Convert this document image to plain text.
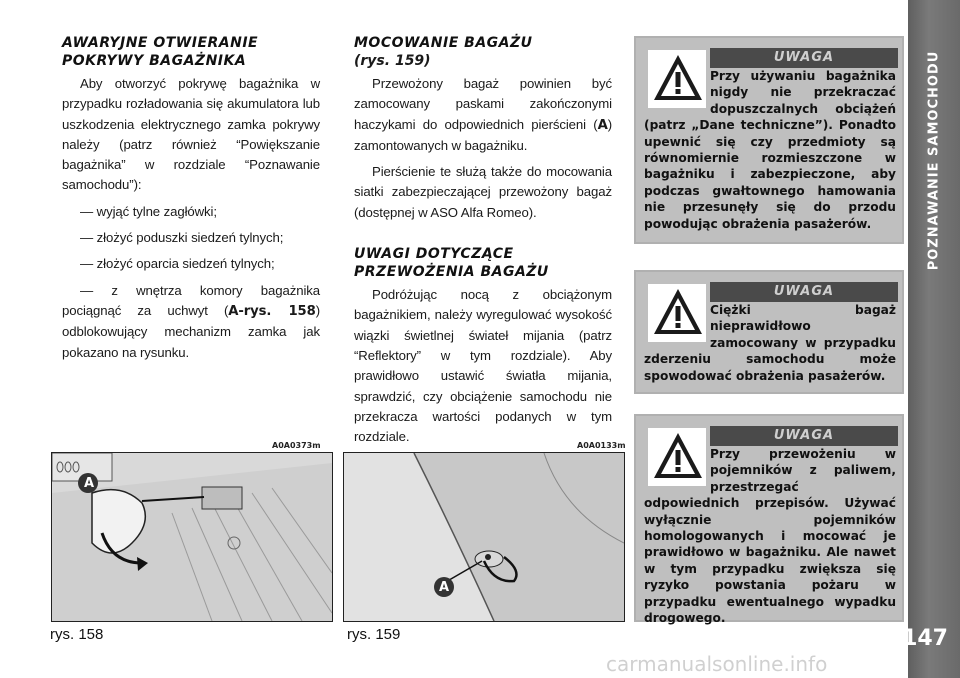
AWARYJNE OTWIERANIE
POKRYWY BAGAŻNIKA

Aby otworzyć pokrywę bagażnika w przypadku rozładowania się akumulatora lub uszkodzenia elektrycznego zamka pokrywy należy (patrz również “Powiększanie bagażnika” w rozdziale “Poznawanie samochodu”):

— wyjąć tylne zagłówki;

— złożyć poduszki siedzeń tylnych;

— złożyć oparcia siedzeń tylnych;

— z wnętrza komory bagażnika pociągnąć za uchwyt (A-rys. 158) odblokowujący mechanizm zamka jak pokazano na rysunku.

MOCOWANIE BAGAŻU
(rys. 159)

Przewożony bagaż powinien być zamocowany paskami zakończonymi haczykami do odpowiednich pierścieni (A) zamontowanych w bagażniku.

Pierścienie te służą także do mocowania siatki zabezpieczającej przewożony bagaż (dostępnej w ASO Alfa Romeo).

UWAGI DOTYCZĄCE
PRZEWOŻENIA BAGAŻU

Podróżując nocą z obciążonym bagażnikiem, należy wyregulować wysokość wiązki świetlnej świateł mijania (patrz “Reflektory” w tym rozdziale). Aby prawidłowo ustawić światła mijania, sprawdzić, czy obciążenie samochodu nie przekracza wartości podanych w tym rozdziale.

UWAGA
Przy używaniu bagażnika nigdy nie przekraczać dopuszczalnych obciążeń (patrz „Dane techniczne”). Ponadto upewnić się czy przedmioty są równomiernie rozmieszczone w bagażniku i zabezpieczone, aby podczas gwałtownego hamowania nie przesunęły się do przodu powodując obrażenia pasażerów.
UWAGA
Ciężki bagaż nieprawidłowo zamocowany w przypadku zderzeniu samochodu może spowodować obrażenia pasażerów.
UWAGA
Przy przewożeniu w pojemników z paliwem, przestrzegać odpowiednich przepisów. Używać wyłącznie pojemników homologowanych i mocować je prawidłowo w bagażniku. Ale nawet w tym przypadku zwiększa się ryzyko powstania pożaru w przypadku ewentualnego wypadku drogowego.
A0A0373m
A
rys. 158
A0A0133m
A
rys. 159
POZNAWANIE SAMOCHODU
147
carmanualsonline.info
